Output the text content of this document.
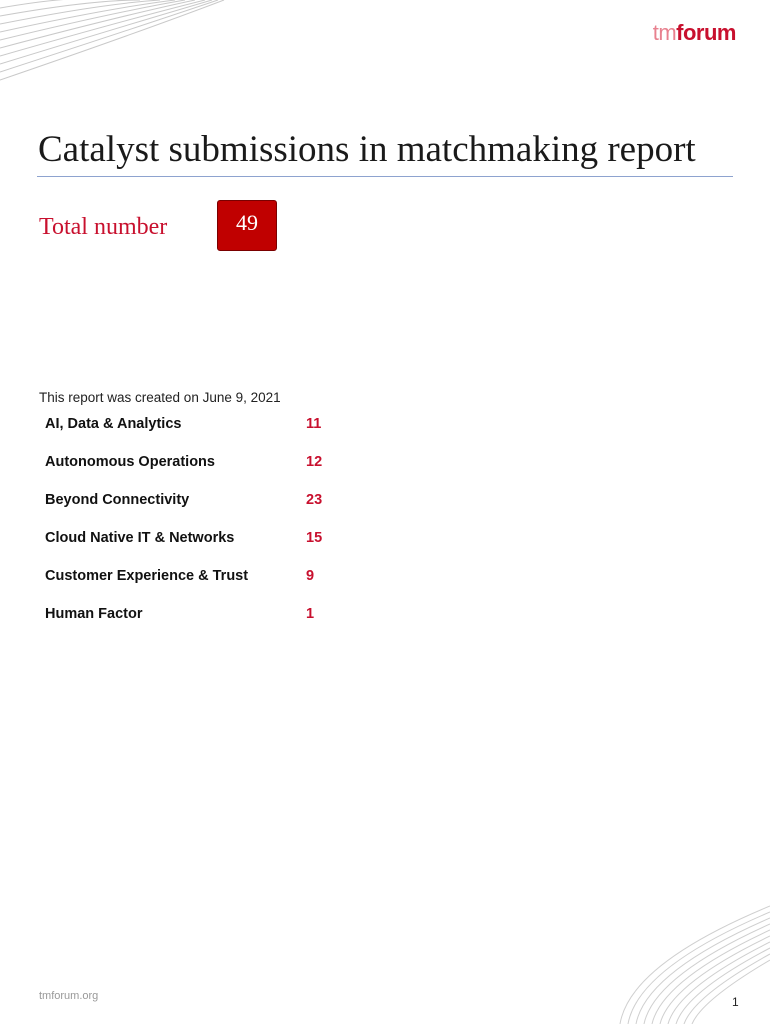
tmforum
Catalyst submissions in matchmaking report
Total number	49
This report was created on June 9, 2021
AI, Data & Analytics	11
Autonomous Operations	12
Beyond Connectivity	23
Cloud Native IT & Networks	15
Customer Experience & Trust	9
Human Factor	1
tmforum.org	1
